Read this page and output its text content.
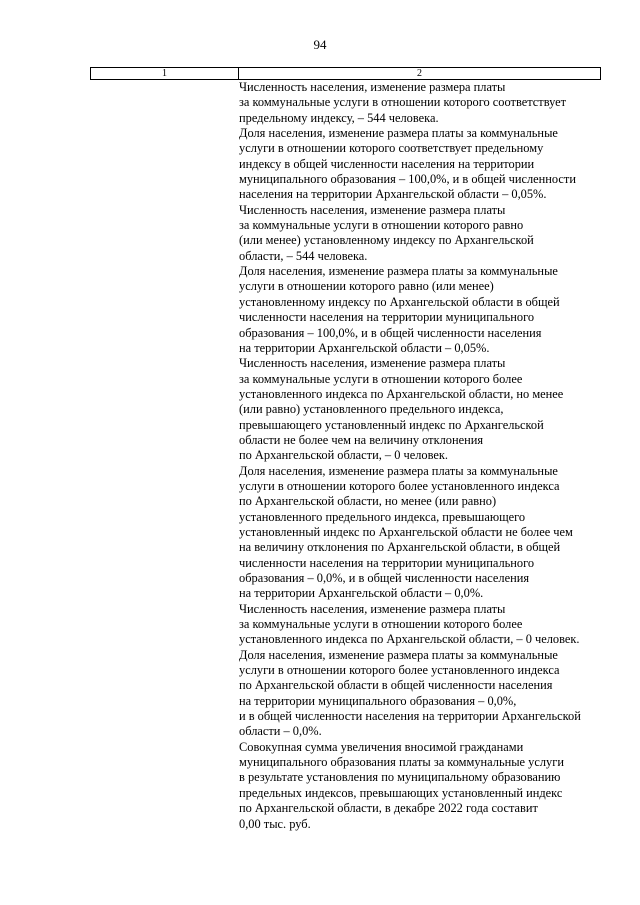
94
1	2
Численность населения, изменение размера платы
за коммунальные услуги в отношении которого соответствует
предельному индексу, – 544 человека.
Доля населения, изменение размера платы за коммунальные
услуги в отношении которого соответствует предельному
индексу в общей численности населения на территории
муниципального образования – 100,0%, и в общей численности
населения на территории Архангельской области – 0,05%.
Численность населения, изменение размера платы
за коммунальные услуги в отношении которого равно
(или менее) установленному индексу по Архангельской
области, – 544 человека.
Доля населения, изменение размера платы за коммунальные
услуги в отношении которого равно (или менее)
установленному индексу по Архангельской области в общей
численности населения на территории муниципального
образования – 100,0%, и в общей численности населения
на территории Архангельской области – 0,05%.
Численность населения, изменение размера платы
за коммунальные услуги в отношении которого более
установленного индекса по Архангельской области, но менее
(или равно) установленного предельного индекса,
превышающего установленный индекс по Архангельской
области не более чем на величину отклонения
по Архангельской области, – 0 человек.
Доля населения, изменение размера платы за коммунальные
услуги в отношении которого более установленного индекса
по Архангельской области, но менее (или равно)
установленного предельного индекса, превышающего
установленный индекс по Архангельской области не более чем
на величину отклонения по Архангельской области, в общей
численности населения на территории муниципального
образования – 0,0%, и в общей численности населения
на территории Архангельской области – 0,0%.
Численность населения, изменение размера платы
за коммунальные услуги в отношении которого более
установленного индекса по Архангельской области, – 0 человек.
Доля населения, изменение размера платы за коммунальные
услуги в отношении которого более установленного индекса
по Архангельской области в общей численности населения
на территории муниципального образования – 0,0%,
и в общей численности населения на территории Архангельской
области – 0,0%.
Совокупная сумма увеличения вносимой гражданами
муниципального образования платы за коммунальные услуги
в результате установления по муниципальному образованию
предельных индексов, превышающих установленный индекс
по Архангельской области, в декабре 2022 года составит
0,00 тыс. руб.
